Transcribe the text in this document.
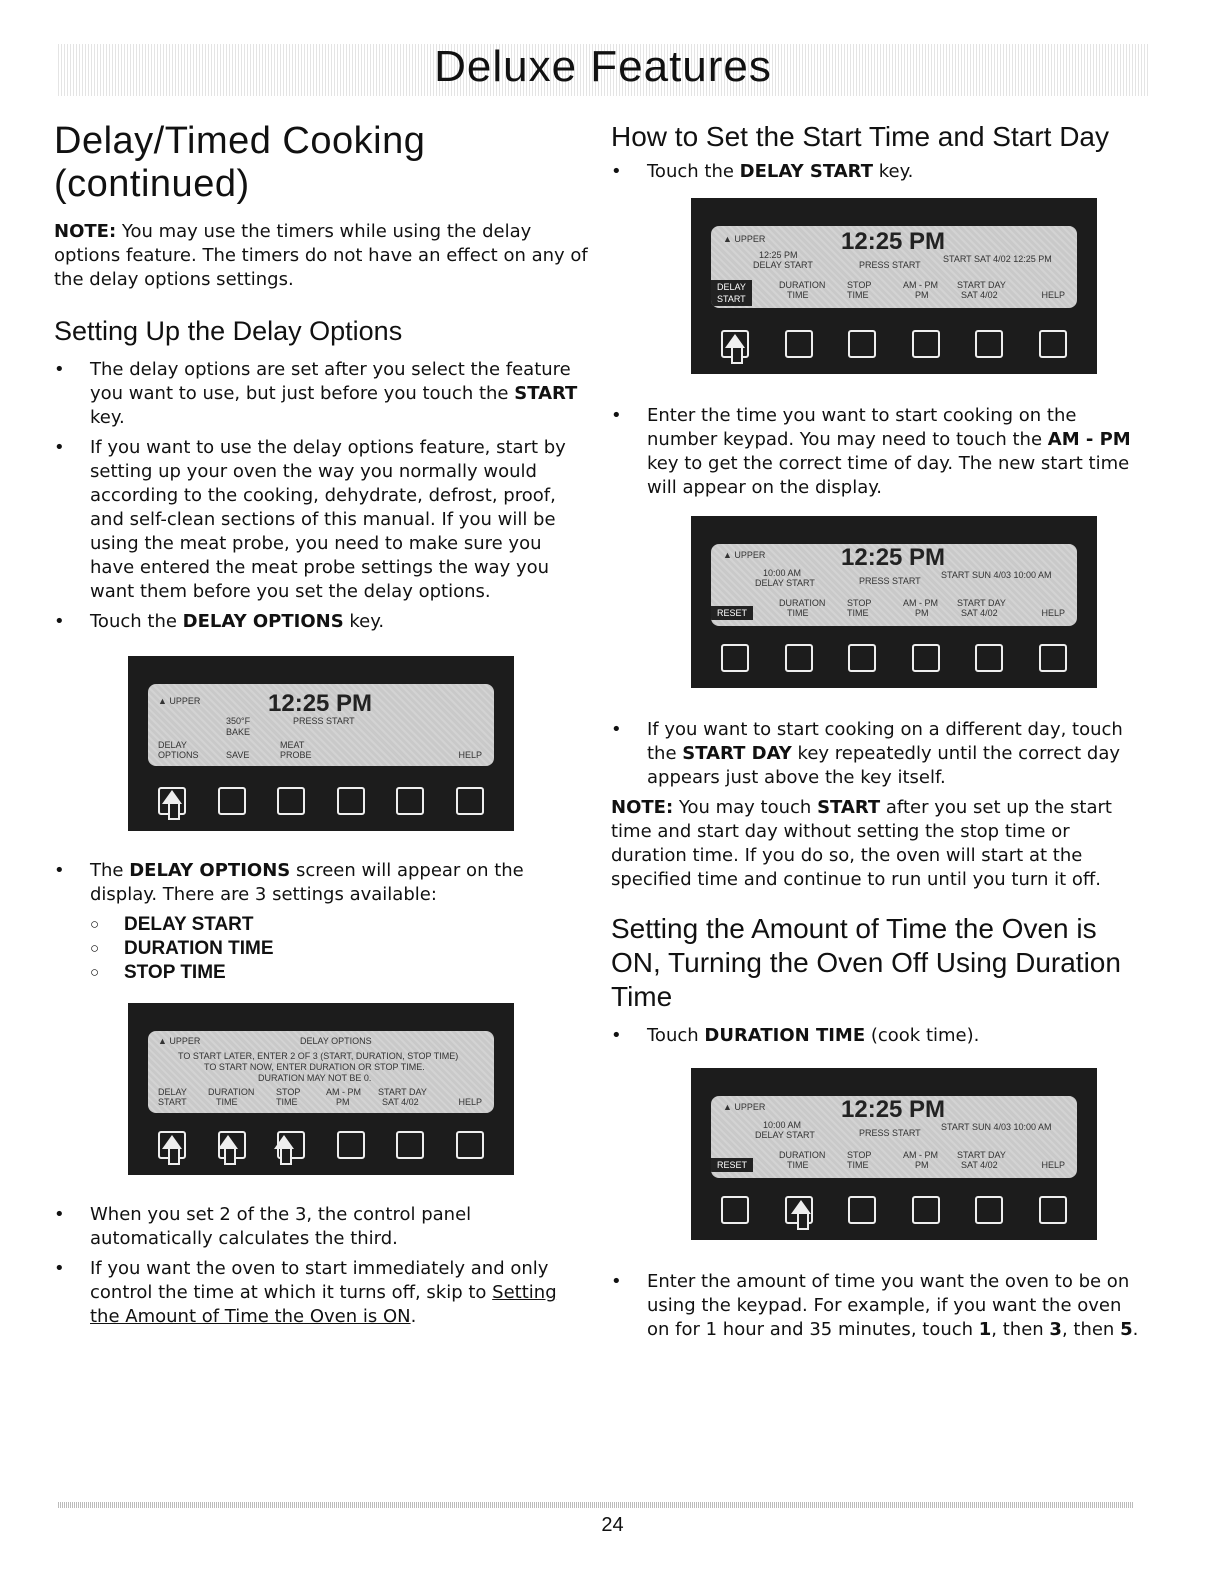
Deluxe Features
Delay/Timed Cooking (continued)

NOTE: You may use the timers while using the delay options feature. The timers do not have an effect on any of the delay options settings.

Setting Up the Delay Options
• The delay options are set after you select the feature you want to use, but just before you touch the START key.
• If you want to use the delay options feature, start by setting up your oven the way you normally would according to the cooking, dehydrate, defrost, proof, and self-clean sections of this manual. If you will be using the meat probe, you need to make sure you have entered the meat probe settings the way you want them before you set the delay options.
• Touch the DELAY OPTIONS key.
▲ UPPER	12:25 PM
350°F
BAKE
PRESS START
DELAY
OPTIONS	SAVE
MEAT
PROBE	HELP
• The DELAY OPTIONS screen will appear on the display. There are 3 settings available:
○ DELAY START
○ DURATION TIME
○ STOP TIME
▲ UPPER	DELAY OPTIONS
TO START LATER, ENTER 2 OF 3 (START, DURATION, STOP TIME)
TO START NOW, ENTER DURATION OR STOP TIME.
DURATION MAY NOT BE 0.
DELAY
START
DURATION
TIME
STOP
TIME
AM - PM
PM
START DAY
SAT 4/02	HELP
• When you set 2 of the 3, the control panel automatically calculates the third.
• If you want the oven to start immediately and only control the time at which it turns off, skip to Setting the Amount of Time the Oven is ON.
How to Set the Start Time and Start Day
• Touch the DELAY START key.
▲ UPPER	12:25 PM
12:25 PM
DELAY START	PRESS START
START SAT 4/02 12:25 PM
DELAY
START
DURATION
TIME
STOP
TIME
AM - PM
PM
START DAY
SAT 4/02	HELP
• Enter the time you want to start cooking on the number keypad. You may need to touch the AM - PM key to get the correct time of day. The new start time will appear on the display.
▲ UPPER	12:25 PM
10:00 AM
DELAY START	PRESS START
START SUN 4/03 10:00 AM
RESET
DURATION
TIME
STOP
TIME
AM - PM
PM
START DAY
SAT 4/02	HELP
• If you want to start cooking on a different day, touch the START DAY key repeatedly until the correct day appears just above the key itself.

NOTE: You may touch START after you set up the start time and start day without setting the stop time or duration time. If you do so, the oven will start at the specified time and continue to run until you turn it off.

Setting the Amount of Time the Oven is ON, Turning the Oven Off Using Duration Time
• Touch DURATION TIME (cook time).
▲ UPPER	12:25 PM
10:00 AM
DELAY START	PRESS START
START SUN 4/03 10:00 AM
RESET
DURATION
TIME
STOP
TIME
AM - PM
PM
START DAY
SAT 4/02	HELP
• Enter the amount of time you want the oven to be on using the keypad. For example, if you want the oven on for 1 hour and 35 minutes, touch 1, then 3, then 5.
24
